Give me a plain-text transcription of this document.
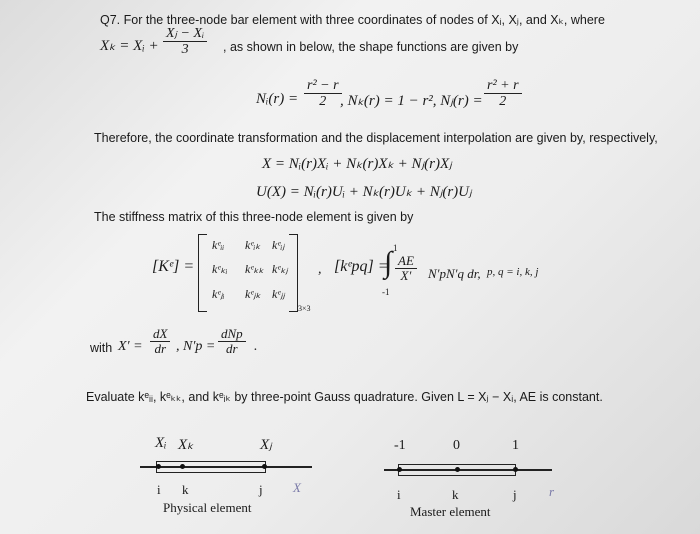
Q7. For the three-node bar element with three coordinates of nodes of Xᵢ, Xⱼ, and Xₖ, where
Xₖ = Xᵢ + $\frac{\text{Xⱼ − Xᵢ}}{3}$ , as shown in below, the shape functions are given by
Nᵢ(r) = $\frac{\text{r² − r}}{2}$
, Nₖ(r) = 1 − r², Nⱼ(r) = $\frac{\text{r² + r}}{2}$
Therefore, the coordinate transformation and the displacement interpolation are given by, respectively,
X = Nᵢ(r)Xᵢ + Nₖ(r)Xₖ + Nⱼ(r)Xⱼ
U(X) = Nᵢ(r)Uᵢ + Nₖ(r)Uₖ + Nⱼ(r)Uⱼ
The stiffness matrix of this three-node element is given by
[Kᵉ] =
kᵉᵢᵢ kᵉᵢₖ kᵉᵢⱼ
kᵉₖᵢ kᵉₖₖ kᵉₖⱼ
kᵉⱼᵢ kᵉⱼₖ kᵉⱼⱼ
3×3
, [kᵉpq] =
∫ 1
-1
$\frac{AE}{X'} N'pN'q$ dr, p, q = i, k, j
with $X' = \frac{dX}{dr}$ , N′p =
dNp
dr .
Evaluate kᵉᵢᵢ, kᵉₖₖ, and kᵉᵢₖ by three-point Gauss quadrature. Given L = Xⱼ − Xᵢ, AE is constant.
Xᵢ Xₖ	Xⱼ
i k	j X
Physical element
-1	0	1
i	k	j r
Master element
